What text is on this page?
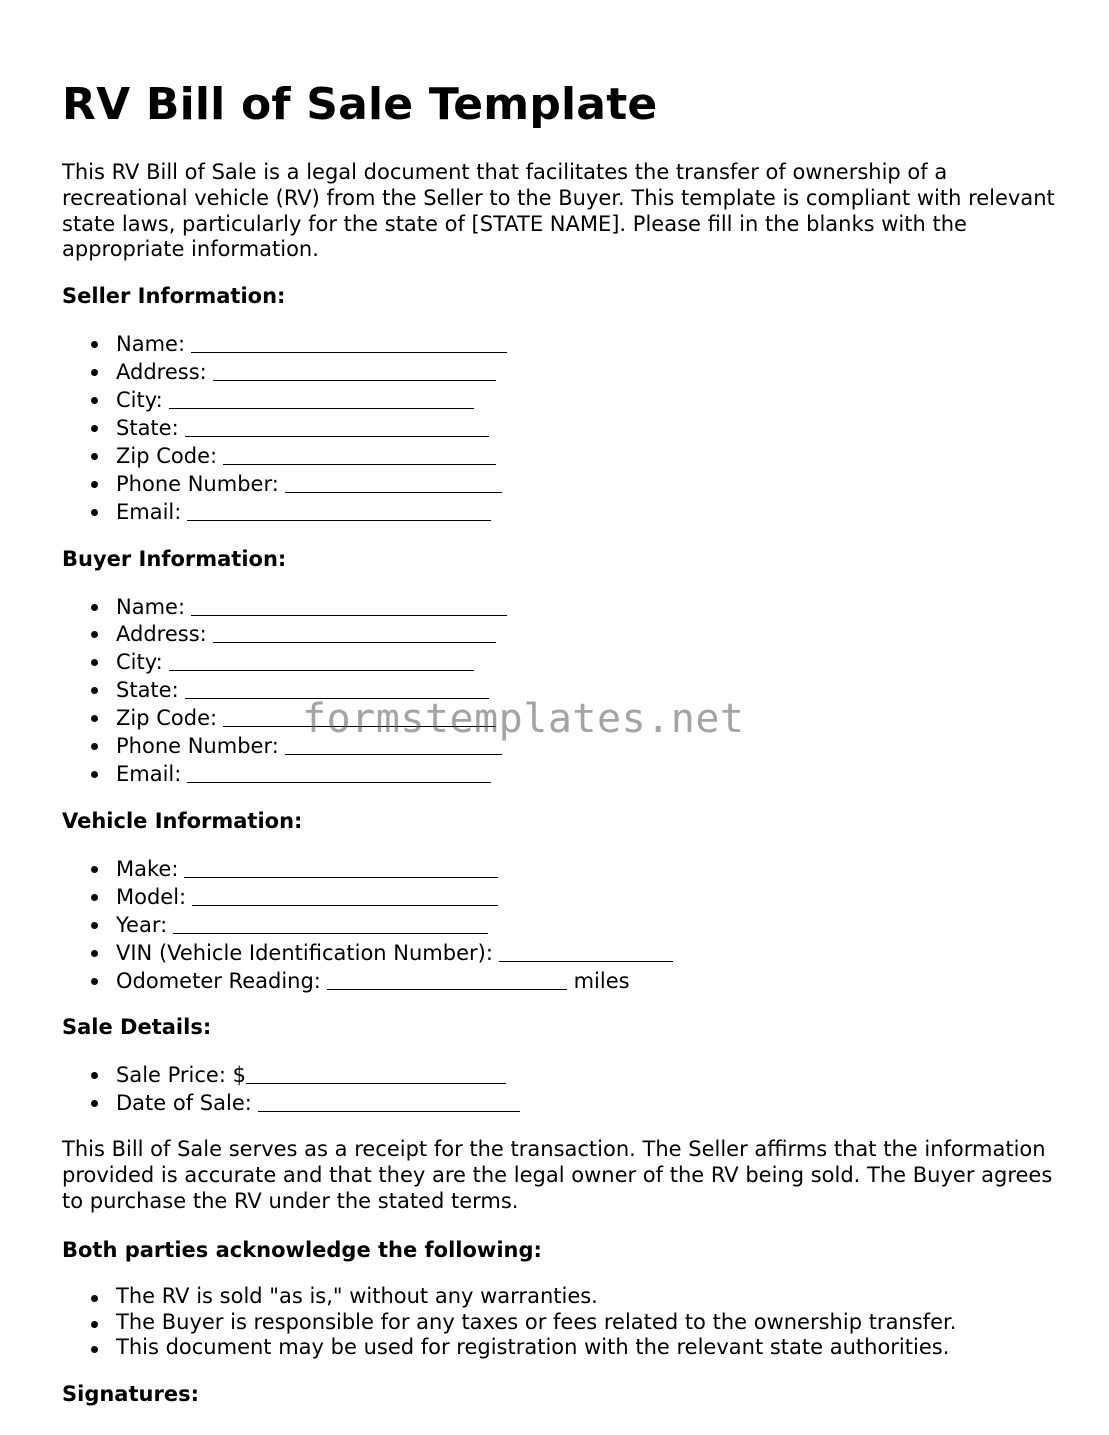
RV Bill of Sale Template

This RV Bill of Sale is a legal document that facilitates the transfer of ownership of a recreational vehicle (RV) from the Seller to the Buyer. This template is compliant with relevant state laws, particularly for the state of [STATE NAME]. Please fill in the blanks with the appropriate information.

Seller Information:
Name:
Address:
City:
State:
Zip Code:
Phone Number:
Email:
Buyer Information:
Name:
Address:
City:
State:
Zip Code:
Phone Number:
Email:
Vehicle Information:
Make:
Model:
Year:
VIN (Vehicle Identification Number):
Odometer Reading:	miles
Sale Details:
Sale Price: $
Date of Sale:

This Bill of Sale serves as a receipt for the transaction. The Seller affirms that the information provided is accurate and that they are the legal owner of the RV being sold. The Buyer agrees to purchase the RV under the stated terms.

Both parties acknowledge the following:
The RV is sold "as is," without any warranties.
The Buyer is responsible for any taxes or fees related to the ownership transfer.
This document may be used for registration with the relevant state authorities.
Signatures:
formstemplates.net
